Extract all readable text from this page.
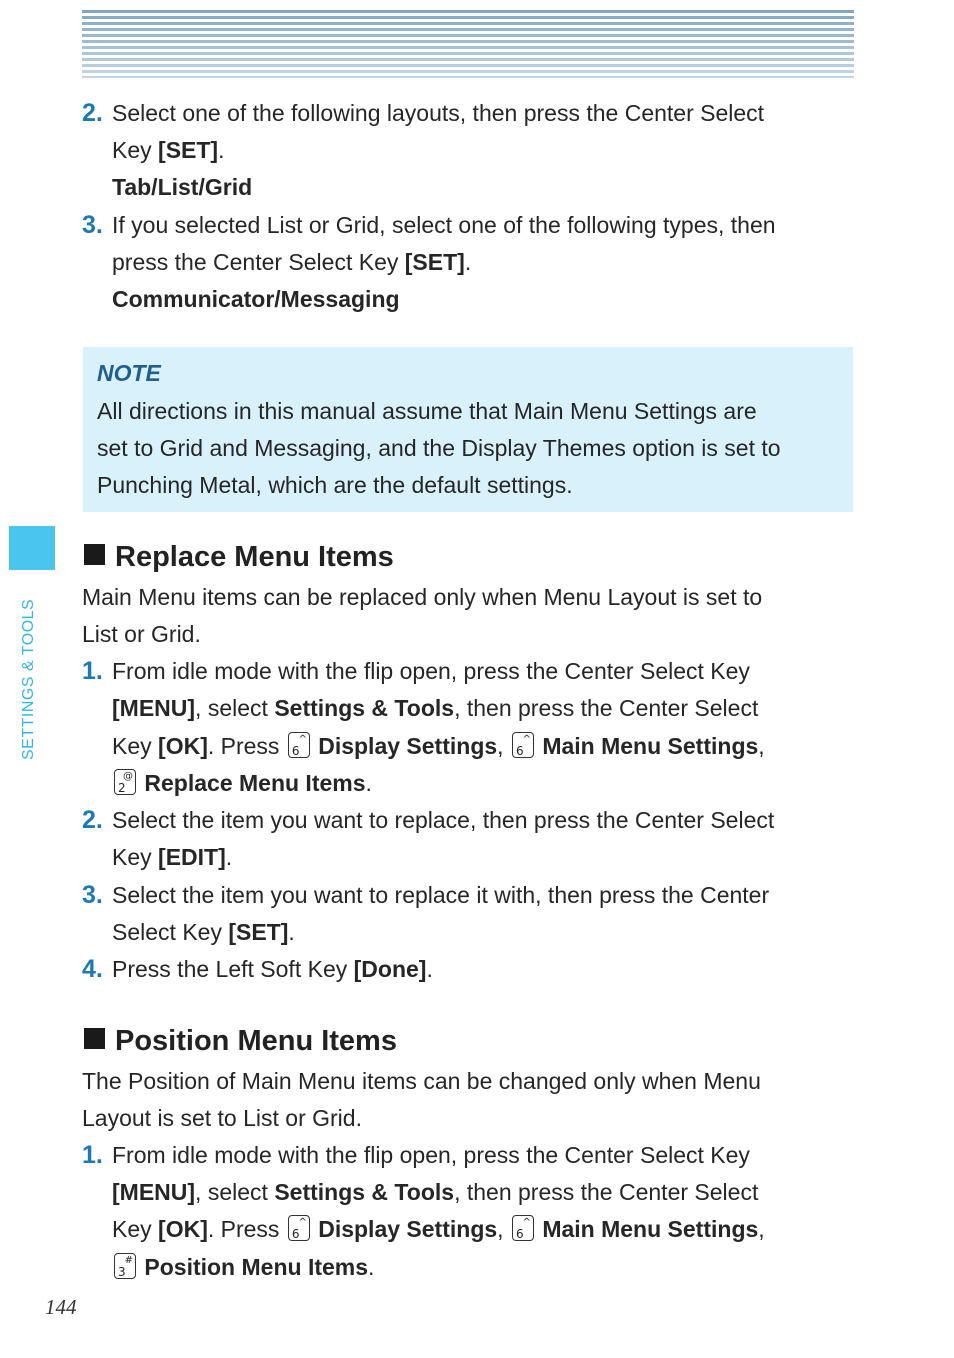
SETTINGS & TOOLS
2. Select one of the following layouts, then press the Center Select
Key [SET].
Tab/List/Grid
3. If you selected List or Grid, select one of the following types, then
press the Center Select Key [SET].
Communicator/Messaging
NOTE
All directions in this manual assume that Main Menu Settings are
set to Grid and Messaging, and the Display Themes option is set to
Punching Metal, which are the default settings.
Replace Menu Items
Main Menu items can be replaced only when Menu Layout is set to
List or Grid.
1. From idle mode with the flip open, press the Center Select Key
[MENU], select Settings & Tools, then press the Center Select
Key [OK]. Press 6
^ Display Settings, 6
^ Main Menu Settings,
2
@ Replace Menu Items.
2. Select the item you want to replace, then press the Center Select
Key [EDIT].
3. Select the item you want to replace it with, then press the Center
Select Key [SET].
4. Press the Left Soft Key [Done].
Position Menu Items
The Position of Main Menu items can be changed only when Menu
Layout is set to List or Grid.
1. From idle mode with the flip open, press the Center Select Key
[MENU], select Settings & Tools, then press the Center Select
Key [OK]. Press 6
^ Display Settings, 6
^ Main Menu Settings,
3
# Position Menu Items.
144
